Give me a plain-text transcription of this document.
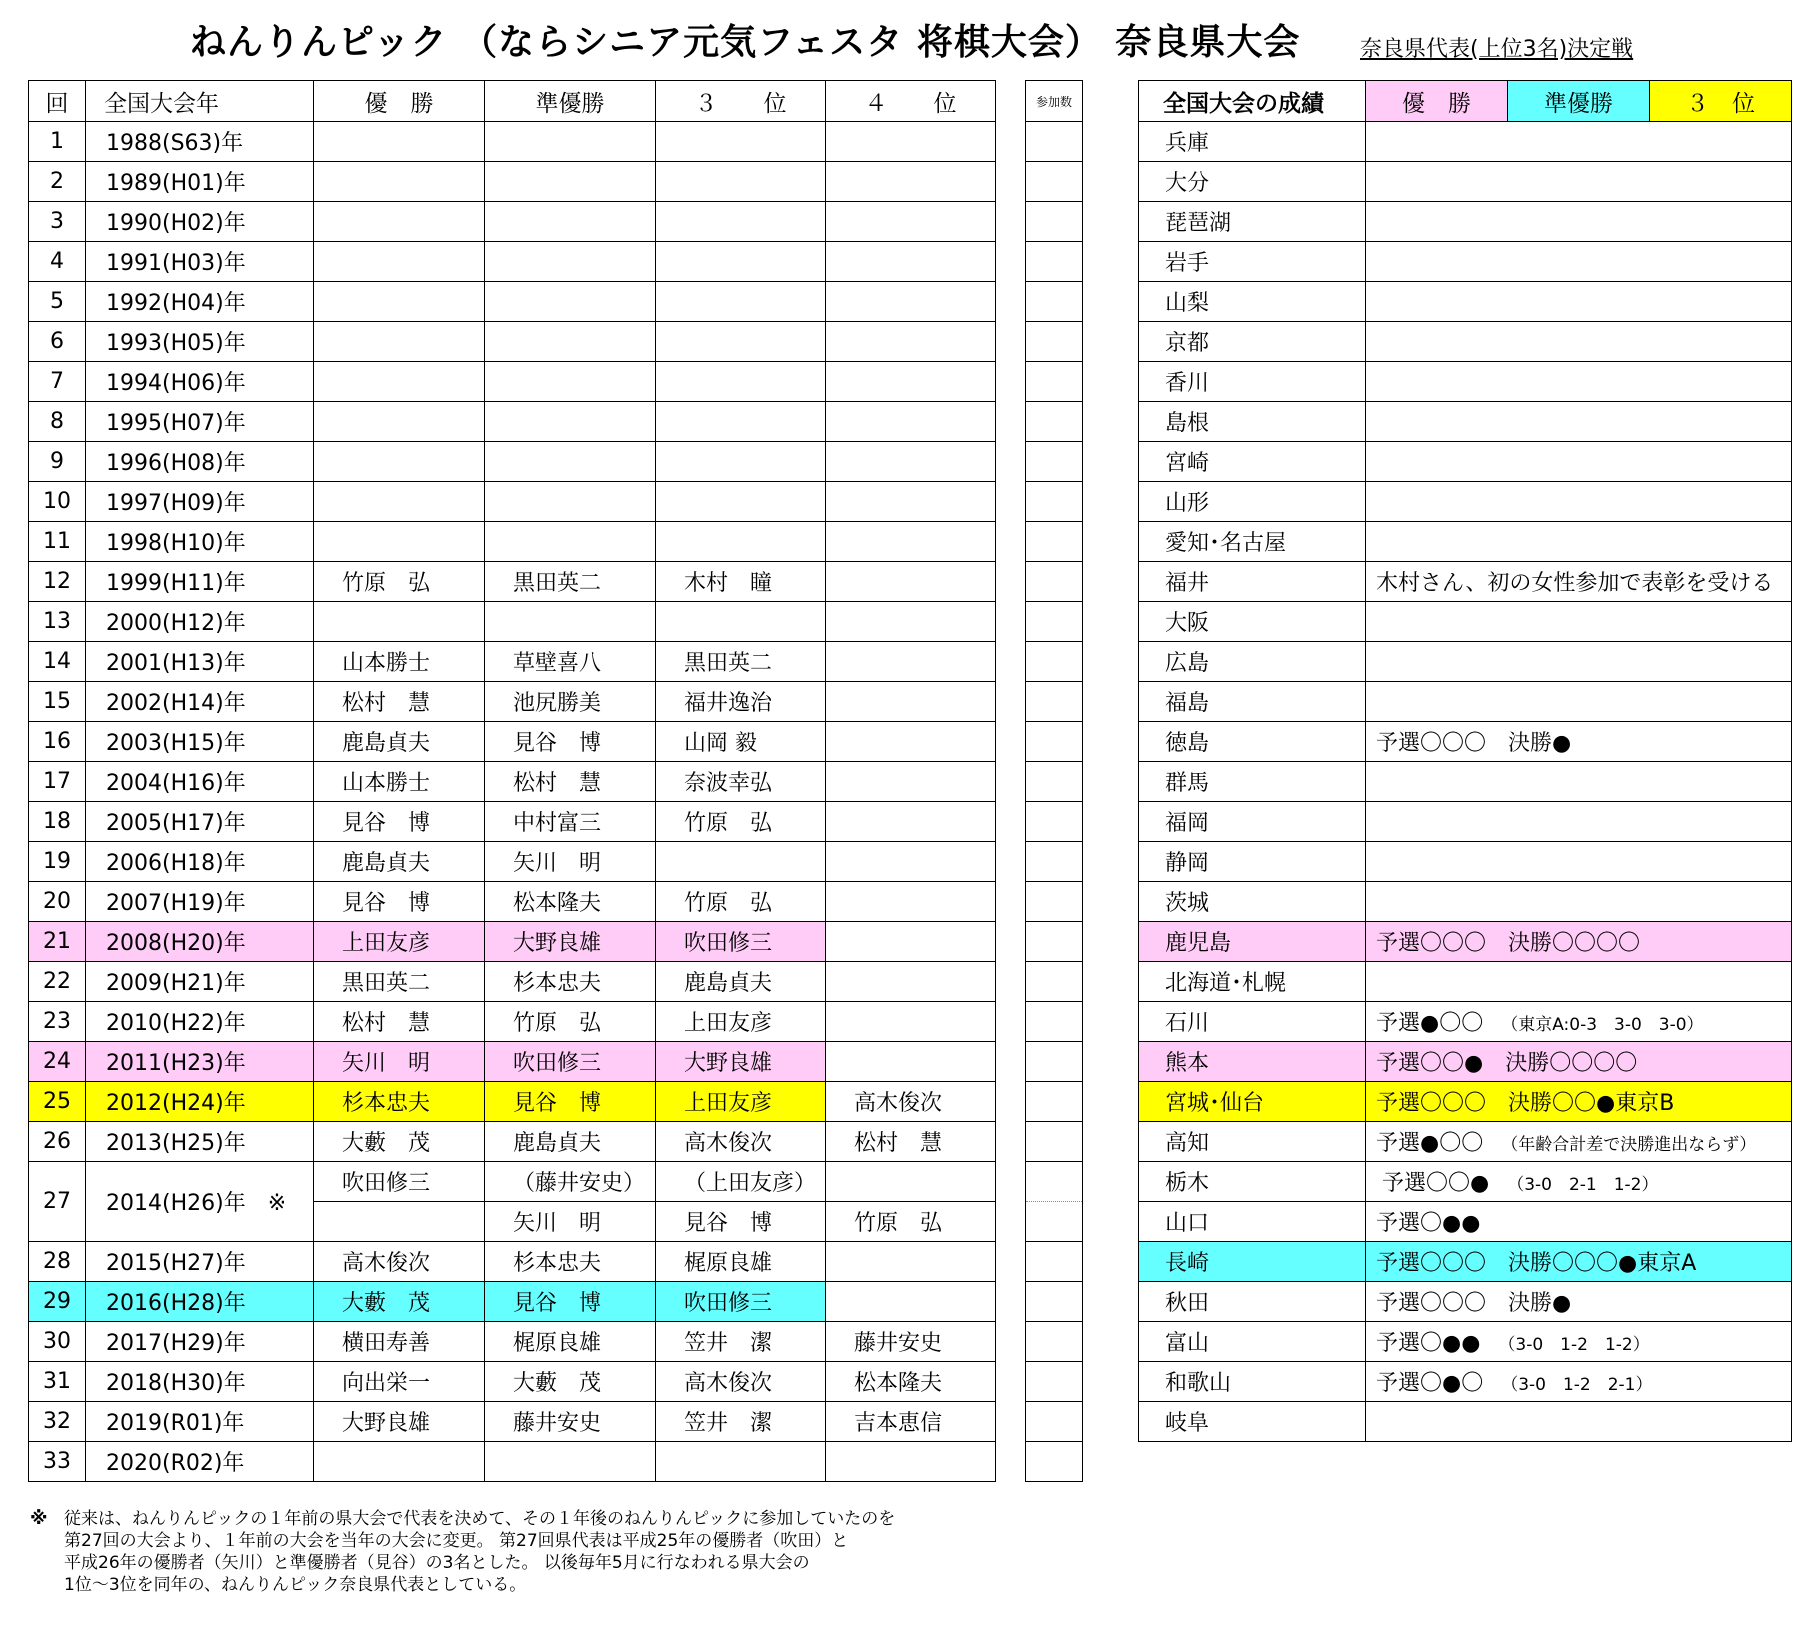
ねんりんピック （ならシニア元気フェスタ 将棋大会） 奈良県大会	奈良県代表(上位3名)決定戦
回	全国大会年	優　勝	準優勝	３　　位	４　　位
1	1988(S63)年				
2	1989(H01)年				
3	1990(H02)年				
4	1991(H03)年				
5	1992(H04)年				
6	1993(H05)年				
7	1994(H06)年				
8	1995(H07)年				
9	1996(H08)年				
10	1997(H09)年				
11	1998(H10)年				
12	1999(H11)年	竹原　弘	黒田英二	木村　瞳	
13	2000(H12)年				
14	2001(H13)年	山本勝士	草壁喜八	黒田英二	
15	2002(H14)年	松村　慧	池尻勝美	福井逸治	
16	2003(H15)年	鹿島貞夫	見谷　博	山岡 毅	
17	2004(H16)年	山本勝士	松村　慧	奈波幸弘	
18	2005(H17)年	見谷　博	中村富三	竹原　弘	
19	2006(H18)年	鹿島貞夫	矢川　明		
20	2007(H19)年	見谷　博	松本隆夫	竹原　弘	
21	2008(H20)年	上田友彦	大野良雄	吹田修三	
22	2009(H21)年	黒田英二	杉本忠夫	鹿島貞夫	
23	2010(H22)年	松村　慧	竹原　弘	上田友彦	
24	2011(H23)年	矢川　明	吹田修三	大野良雄	
25	2012(H24)年	杉本忠夫	見谷　博	上田友彦	高木俊次
26	2013(H25)年	大藪　茂	鹿島貞夫	高木俊次	松村　慧
27	2014(H26)年　※	吹田修三	（藤井安史）	（上田友彦）	
			矢川　明	見谷　博	竹原　弘
28	2015(H27)年	高木俊次	杉本忠夫	梶原良雄	
29	2016(H28)年	大藪　茂	見谷　博	吹田修三	
30	2017(H29)年	横田寿善	梶原良雄	笠井　潔	藤井安史
31	2018(H30)年	向出栄一	大藪　茂	高木俊次	松本隆夫
32	2019(R01)年	大野良雄	藤井安史	笠井　潔	吉本恵信
33	2020(R02)年				
参加数	全国大会の成績	優　勝	準優勝	３　位
兵庫			
大分			
琵琶湖			
岩手			
山梨			
京都			
香川			
島根			
宮崎			
山形			
愛知･名古屋			
福井	木村さん、初の女性参加で表彰を受ける		
大阪			
広島			
福島			
徳島	予選〇〇〇　決勝●		
群馬			
福岡			
静岡			
茨城			
鹿児島	予選〇〇〇　決勝〇〇〇〇		
北海道･札幌			
石川	予選●〇〇 （東京A:0-3　3-0　3-0）		
熊本	予選〇〇●　決勝〇〇〇〇		
宮城･仙台	予選〇〇〇　決勝〇〇●東京B		
高知	予選●〇〇 （年齢合計差で決勝進出ならず）		
栃木	予選〇〇● （3-0　2-1　1-2）		

山口	予選〇●●		
長崎	予選〇〇〇　決勝〇〇〇●東京A		
秋田	予選〇〇〇　決勝●		
富山	予選〇●● （3-0　1-2　1-2）		
和歌山	予選〇●〇 （3-0　1-2　2-1）		
岐阜			
※ 従来は、ねんりんピックの１年前の県大会で代表を決めて、その１年後のねんりんピックに参加していたのを
第27回の大会より、１年前の大会を当年の大会に変更。 第27回県代表は平成25年の優勝者（吹田）と
平成26年の優勝者（矢川）と準優勝者（見谷）の3名とした。 以後毎年5月に行なわれる県大会の
1位～3位を同年の、ねんりんピック奈良県代表としている。
